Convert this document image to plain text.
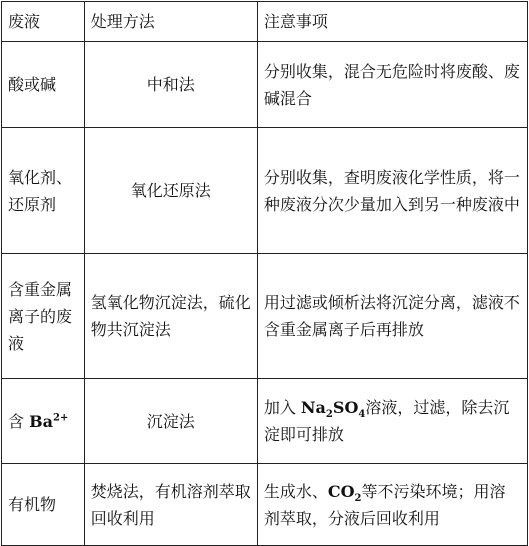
废液	处理方法	注意事项
酸或碱	中和法	分别收集，混合无危险时将废酸、废碱混合
氧化剂、还原剂	氧化还原法	分别收集，查明废液化学性质，将一种废液分次少量加入到另一种废液中
含重金属离子的废液	氢氧化物沉淀法，硫化物共沉淀法	用过滤或倾析法将沉淀分离，滤液不含重金属离子后再排放
含 $Ba^{2+}$	沉淀法	加入 $Na_2SO_4$溶液，过滤，除去沉淀即可排放
有机物	焚烧法，有机溶剂萃取回收利用	生成水、$CO_2$等不污染环境；用溶剂萃取，分液后回收利用
